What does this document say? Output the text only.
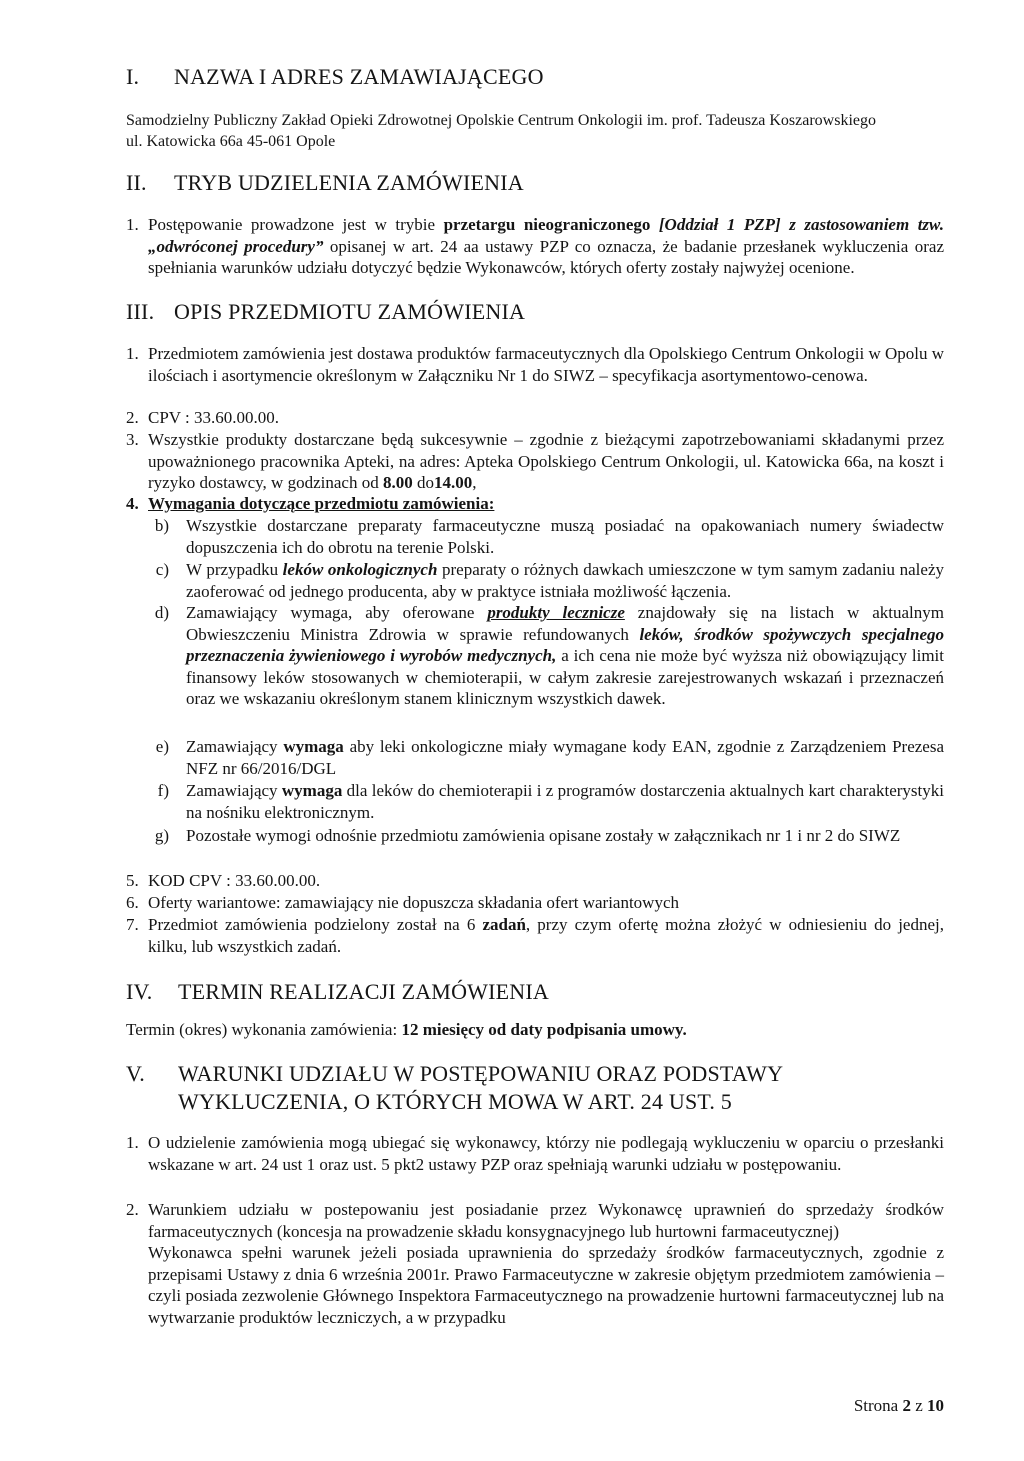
I. NAZWA I ADRES ZAMAWIAJĄCEGO
Samodzielny Publiczny Zakład Opieki Zdrowotnej Opolskie Centrum Onkologii im. prof. Tadeusza Koszarowskiego
ul. Katowicka 66a 45-061 Opole
II. TRYB UDZIELENIA ZAMÓWIENIA
1. Postępowanie prowadzone jest w trybie przetargu nieograniczonego [Oddział 1 PZP] z zastosowaniem tzw. „odwróconej procedury” opisanej w art. 24 aa ustawy PZP co oznacza, że badanie przesłanek wykluczenia oraz spełniania warunków udziału dotyczyć będzie Wykonawców, których oferty zostały najwyżej ocenione.
III. OPIS PRZEDMIOTU ZAMÓWIENIA
1. Przedmiotem zamówienia jest dostawa produktów farmaceutycznych dla Opolskiego Centrum Onkologii w Opolu w ilościach i asortymencie określonym w Załączniku Nr 1 do SIWZ – specyfikacja asortymentowo-cenowa.
2. CPV : 33.60.00.00.
3. Wszystkie produkty dostarczane będą sukcesywnie – zgodnie z bieżącymi zapotrzebowaniami składanymi przez upoważnionego pracownika Apteki, na adres: Apteka Opolskiego Centrum Onkologii, ul. Katowicka 66a, na koszt i ryzyko dostawcy, w godzinach od 8.00 do14.00,
4. Wymagania dotyczące przedmiotu zamówienia:
b) Wszystkie dostarczane preparaty farmaceutyczne muszą posiadać na opakowaniach numery świadectw dopuszczenia ich do obrotu na terenie Polski.
c) W przypadku leków onkologicznych preparaty o różnych dawkach umieszczone w tym samym zadaniu należy zaoferować od jednego producenta, aby w praktyce istniała możliwość łączenia.
d) Zamawiający wymaga, aby oferowane produkty lecznicze znajdowały się na listach w aktualnym Obwieszczeniu Ministra Zdrowia w sprawie refundowanych leków, środków spożywczych specjalnego przeznaczenia żywieniowego i wyrobów medycznych, a ich cena nie może być wyższa niż obowiązujący limit finansowy leków stosowanych w chemioterapii, w całym zakresie zarejestrowanych wskazań i przeznaczeń oraz we wskazaniu określonym stanem klinicznym wszystkich dawek.
e) Zamawiający wymaga aby leki onkologiczne miały wymagane kody EAN, zgodnie z Zarządzeniem Prezesa NFZ nr 66/2016/DGL
f) Zamawiający wymaga dla leków do chemioterapii i z programów dostarczenia aktualnych kart charakterystyki na nośniku elektronicznym.
g) Pozostałe wymogi odnośnie przedmiotu zamówienia opisane zostały w załącznikach nr 1 i nr 2 do SIWZ
5. KOD CPV : 33.60.00.00.
6. Oferty wariantowe: zamawiający nie dopuszcza składania ofert wariantowych
7. Przedmiot zamówienia podzielony został na 6 zadań, przy czym ofertę można złożyć w odniesieniu do jednej, kilku, lub wszystkich zadań.
IV. TERMIN REALIZACJI ZAMÓWIENIA
Termin (okres) wykonania zamówienia: 12 miesięcy od daty podpisania umowy.
V. WARUNKI UDZIAŁU W POSTĘPOWANIU ORAZ PODSTAWY
WYKLUCZENIA, O KTÓRYCH MOWA W ART. 24 UST. 5
1. O udzielenie zamówienia mogą ubiegać się wykonawcy, którzy nie podlegają wykluczeniu w oparciu o przesłanki wskazane w art. 24 ust 1 oraz ust. 5 pkt2 ustawy PZP oraz spełniają warunki udziału w postępowaniu.
2. Warunkiem udziału w postepowaniu jest posiadanie przez Wykonawcę uprawnień do sprzedaży środków farmaceutycznych (koncesja na prowadzenie składu konsygnacyjnego lub hurtowni farmaceutycznej)
Wykonawca spełni warunek jeżeli posiada uprawnienia do sprzedaży środków farmaceutycznych, zgodnie z przepisami Ustawy z dnia 6 września 2001r. Prawo Farmaceutyczne w zakresie objętym przedmiotem zamówienia – czyli posiada zezwolenie Głównego Inspektora Farmaceutycznego na prowadzenie hurtowni farmaceutycznej lub na wytwarzanie produktów leczniczych, a w przypadku
Strona 2 z 10
